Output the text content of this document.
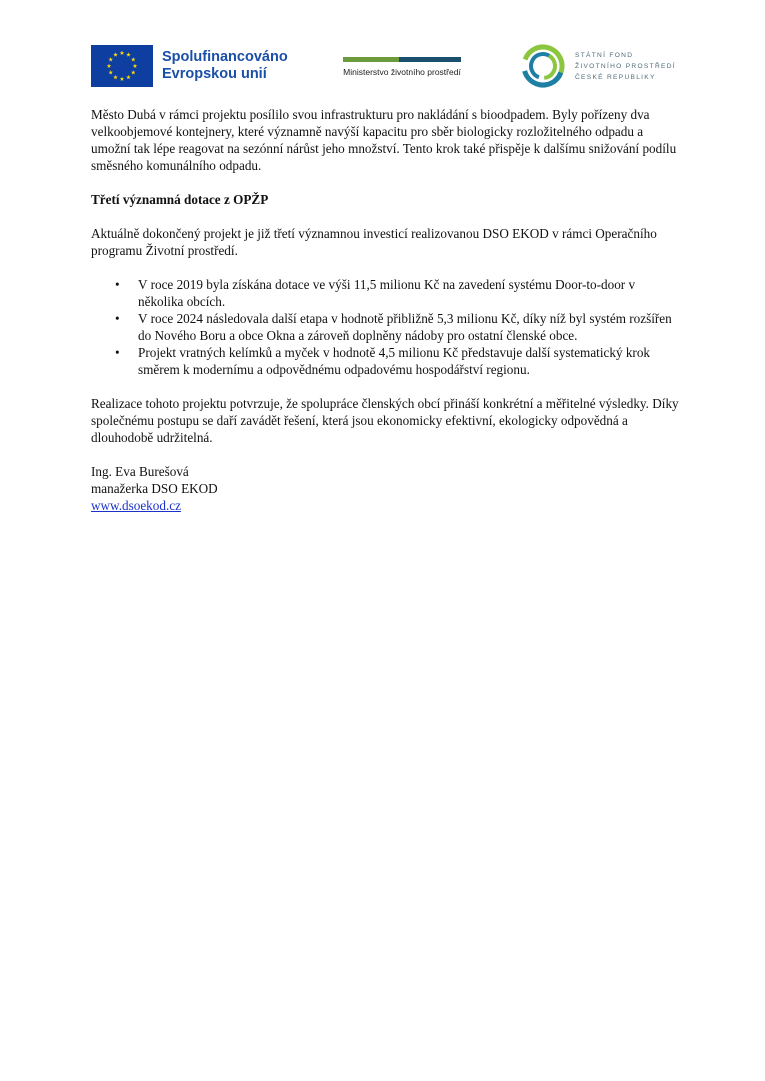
Spolufinancováno
Evropskou unií	Ministerstvo životního prostředí
STÁTNÍ FOND
ŽIVOTNÍHO PROSTŘEDÍ
ČESKÉ REPUBLIKY

Město Dubá v rámci projektu posílilo svou infrastrukturu pro nakládání s bioodpadem. Byly pořízeny dva velkoobjemové kontejnery, které významně navýší kapacitu pro sběr biologicky rozložitelného odpadu a umožní tak lépe reagovat na sezónní nárůst jeho množství. Tento krok také přispěje k dalšímu snižování podílu směsného komunálního odpadu.

Třetí významná dotace z OPŽP

Aktuálně dokončený projekt je již třetí významnou investicí realizovanou DSO EKOD v rámci Operačního programu Životní prostředí.

• V roce 2019 byla získána dotace ve výši 11,5 milionu Kč na zavedení systému Door-to-door v několika obcích.
• V roce 2024 následovala další etapa v hodnotě přibližně 5,3 milionu Kč, díky níž byl systém rozšířen do Nového Boru a obce Okna a zároveň doplněny nádoby pro ostatní členské obce.
• Projekt vratných kelímků a myček v hodnotě 4,5 milionu Kč představuje další systematický krok směrem k modernímu a odpovědnému odpadovému hospodářství regionu.

Realizace tohoto projektu potvrzuje, že spolupráce členských obcí přináší konkrétní a měřitelné výsledky. Díky společnému postupu se daří zavádět řešení, která jsou ekonomicky efektivní, ekologicky odpovědná a dlouhodobě udržitelná.

Ing. Eva Burešová

manažerka DSO EKOD

www.dsoekod.cz
